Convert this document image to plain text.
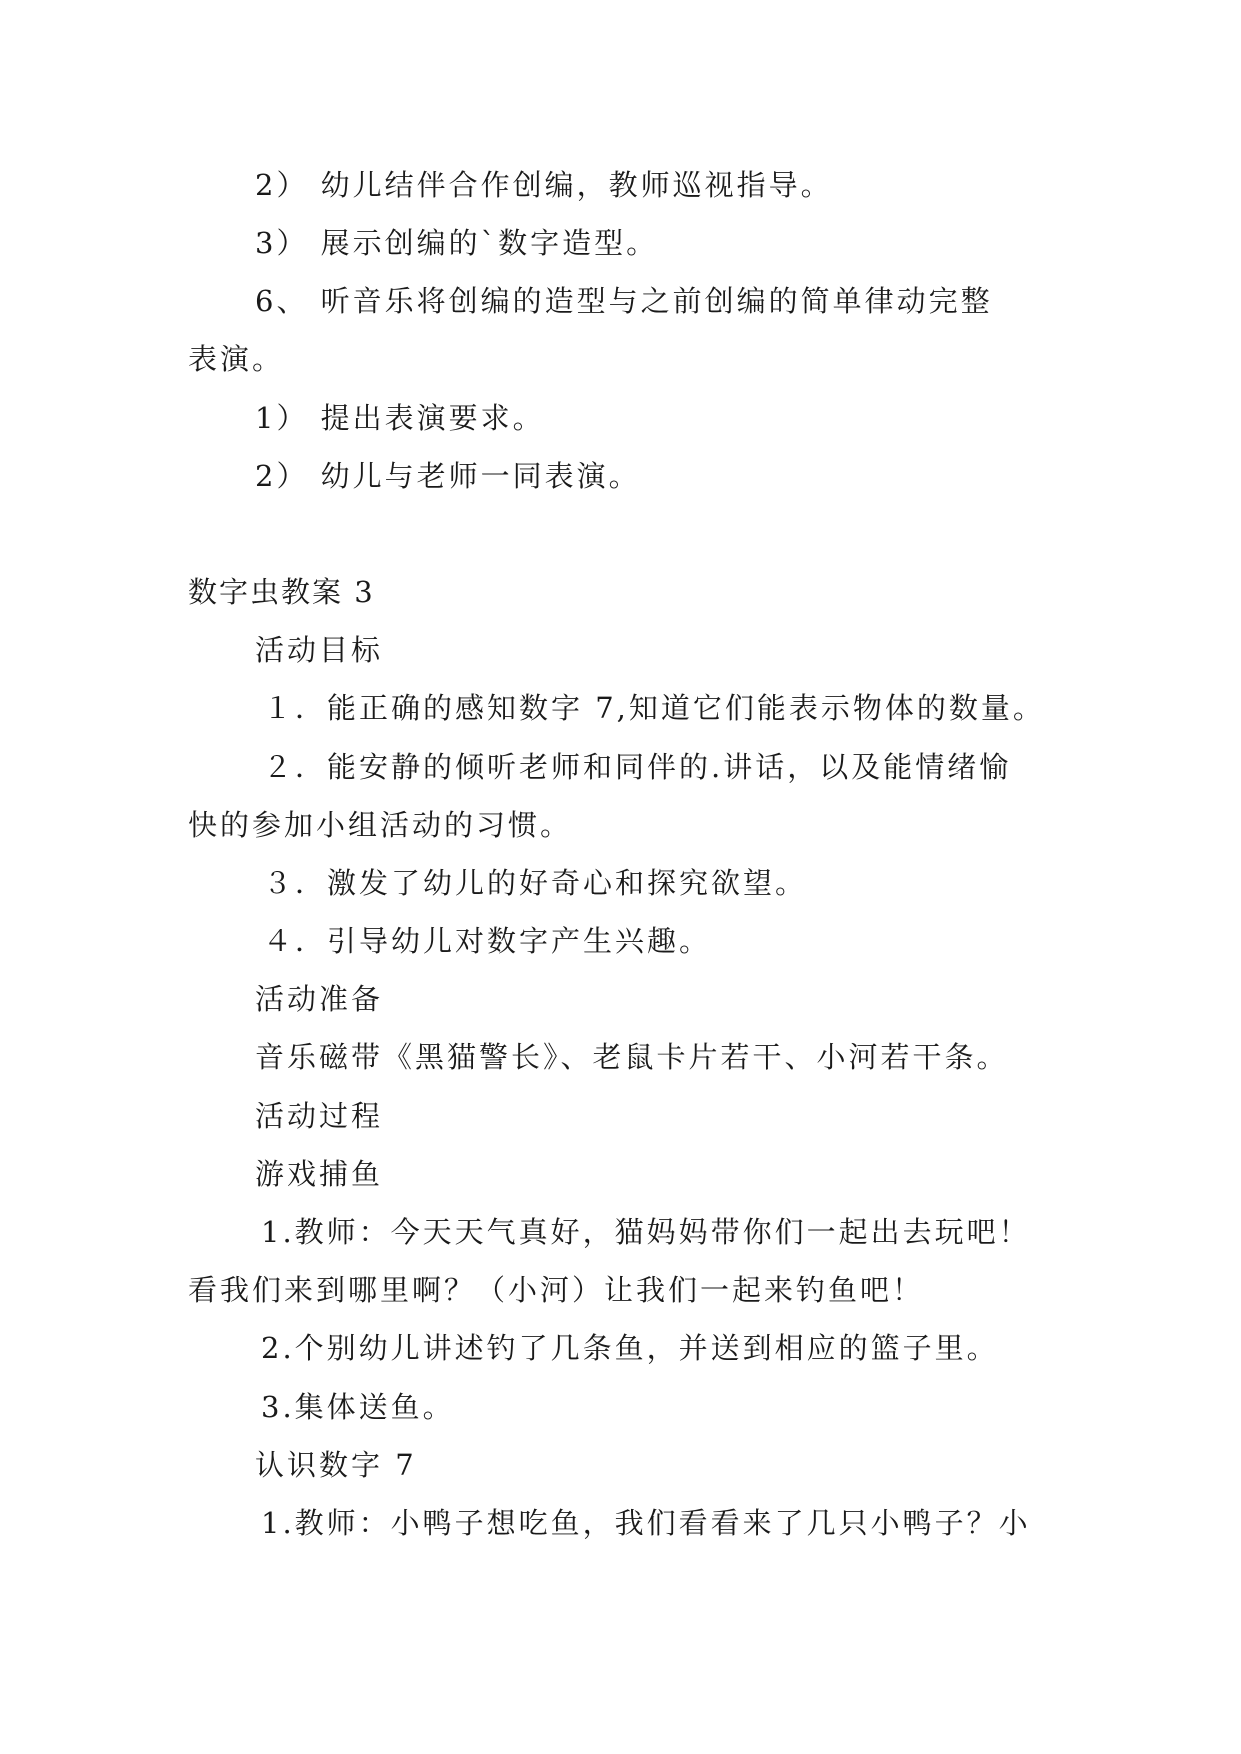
2） 幼儿结伴合作创编，教师巡视指导。

3） 展示创编的`数字造型。

6、 听音乐将创编的造型与之前创编的简单律动完整

表演。

1） 提出表演要求。

2） 幼儿与老师一同表演。

数字虫教案 3

活动目标

１．能正确的感知数字 7,知道它们能表示物体的数量。

２．能安静的倾听老师和同伴的.讲话，以及能情绪愉

快的参加小组活动的习惯。

３．激发了幼儿的好奇心和探究欲望。

４．引导幼儿对数字产生兴趣。

活动准备

音乐磁带《黑猫警长》、老鼠卡片若干、小河若干条。

活动过程

游戏捕鱼

1.教师：今天天气真好，猫妈妈带你们一起出去玩吧！

看我们来到哪里啊？（小河）让我们一起来钓鱼吧！

2.个别幼儿讲述钓了几条鱼，并送到相应的篮子里。

3.集体送鱼。

认识数字 7

1.教师：小鸭子想吃鱼，我们看看来了几只小鸭子？小
